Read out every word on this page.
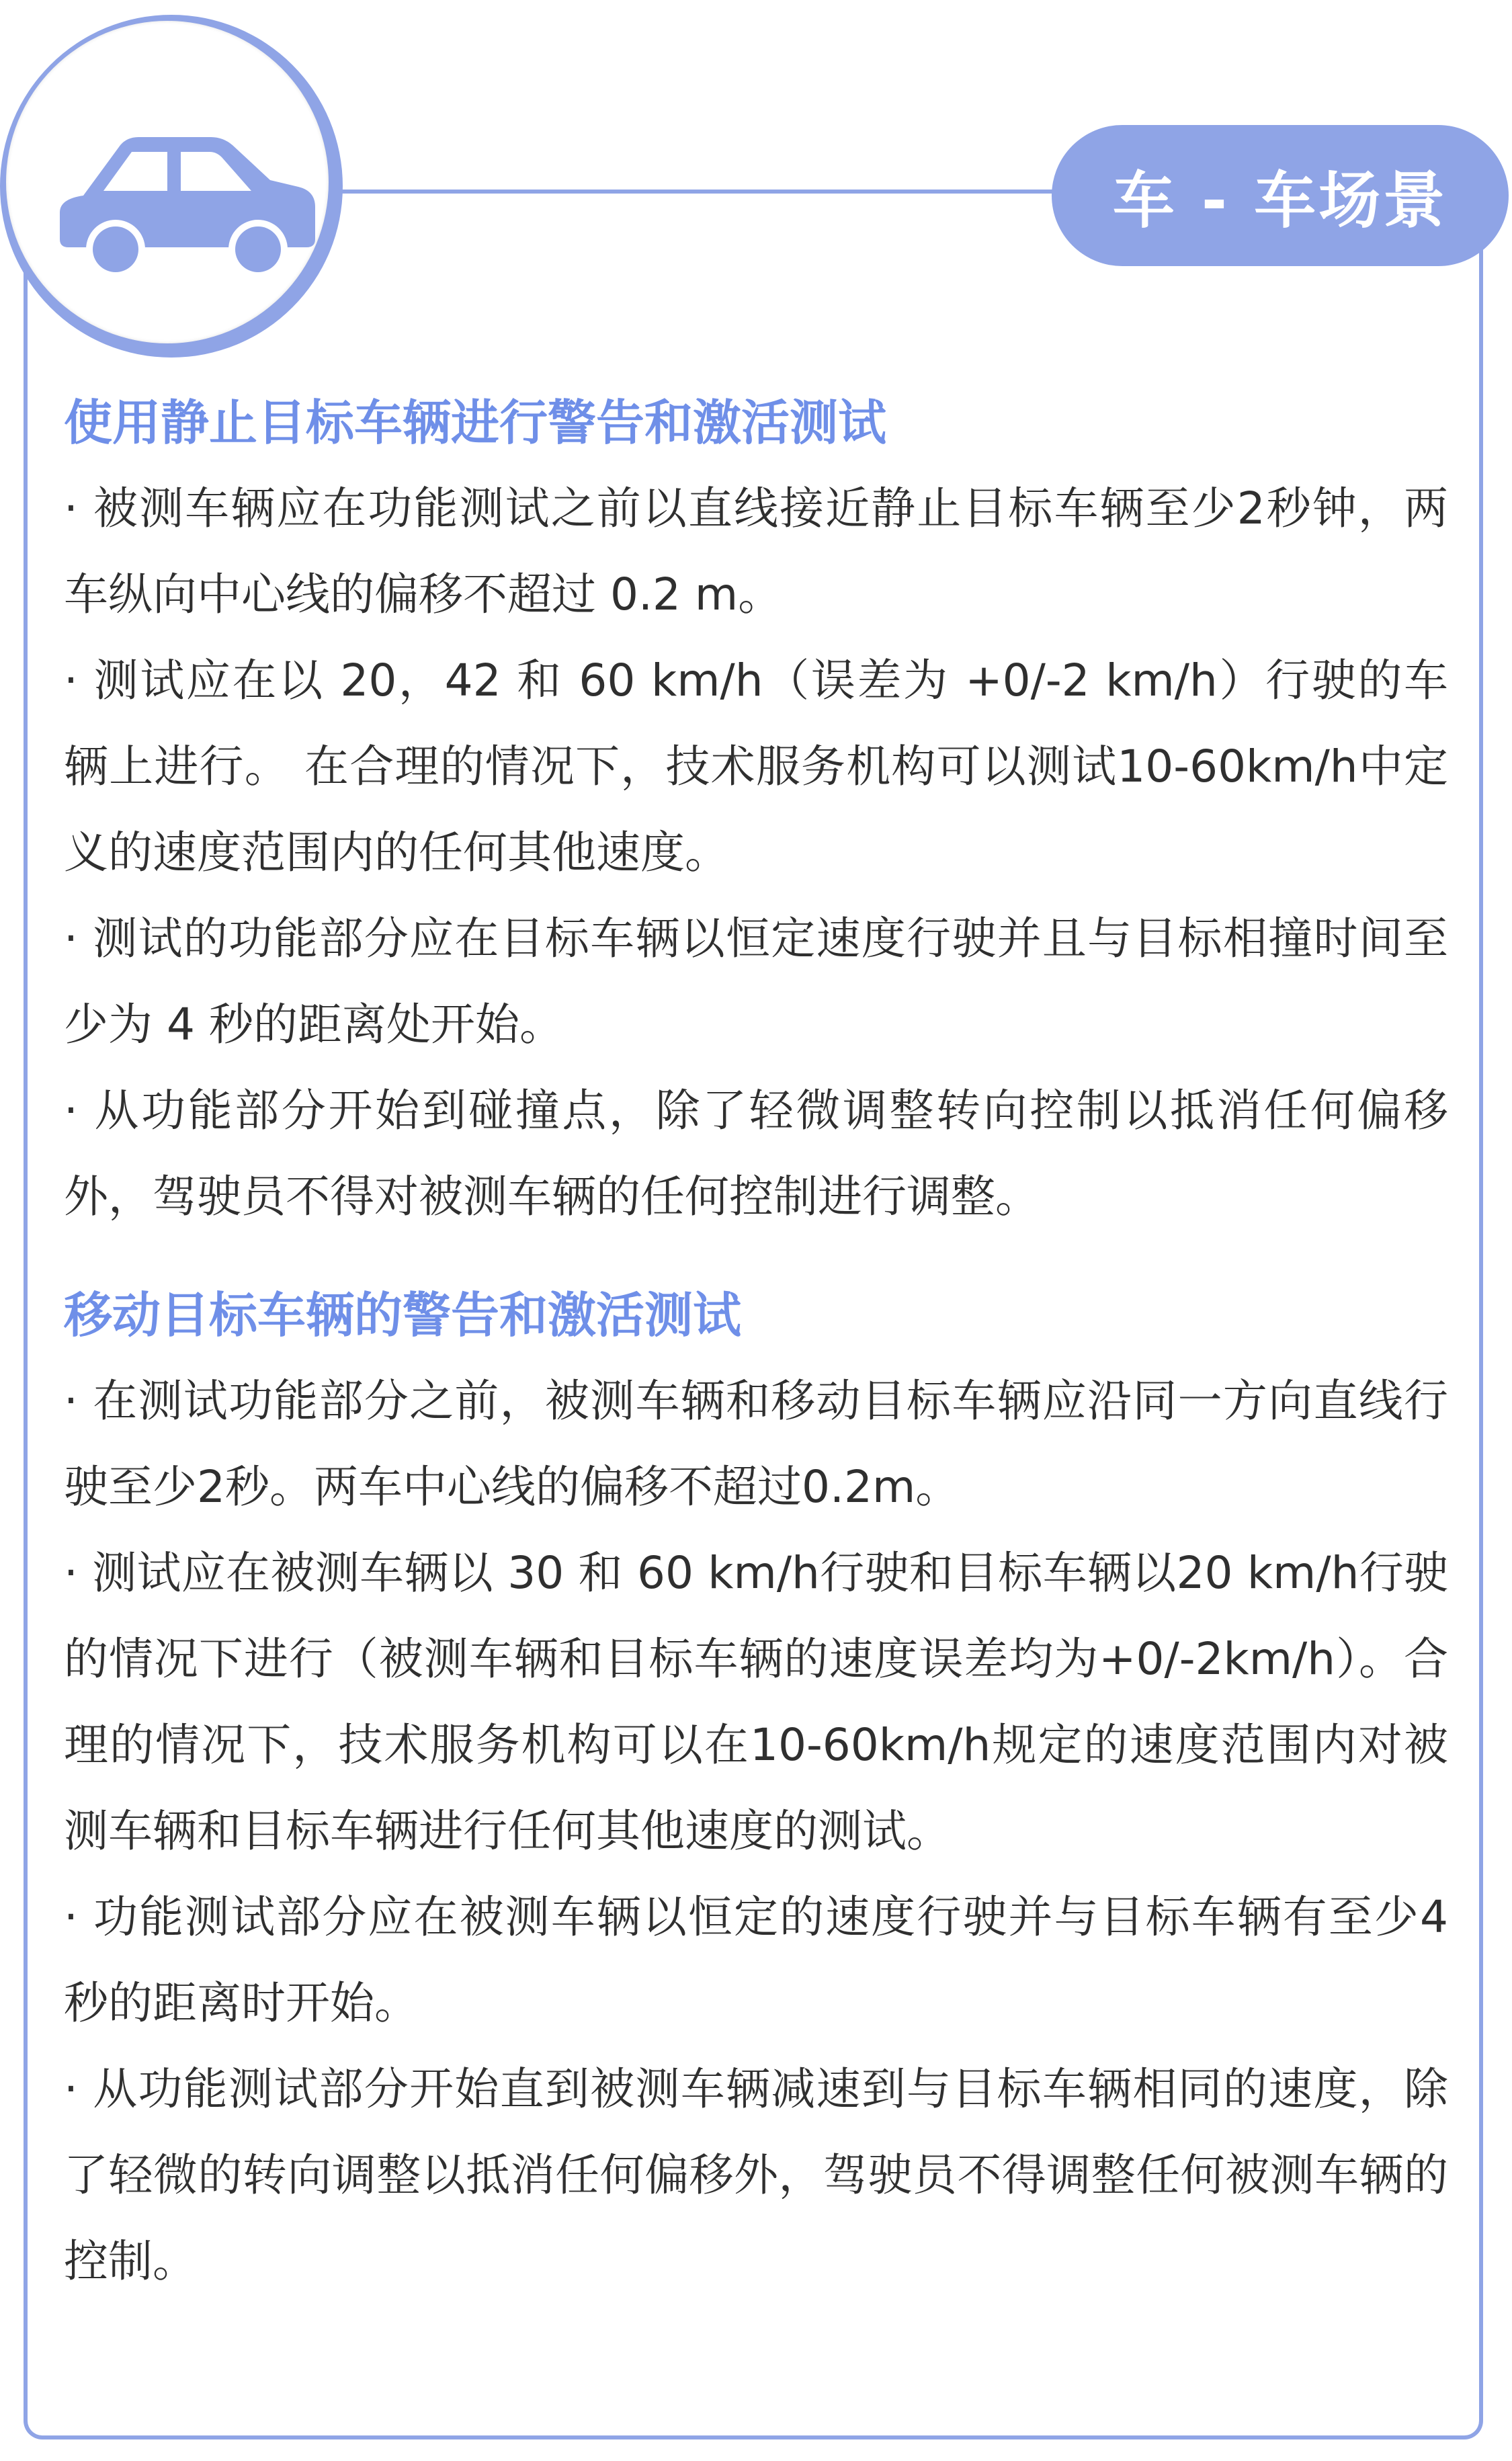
车 - 车场景
使用静止目标车辆进行警告和激活测试

· 被测车辆应在功能测试之前以直线接近静止目标车辆至少2秒钟，两车纵向中心线的偏移不超过 0.2 m。

· 测试应在以 20，42 和 60 km/h（误差为 +0/-2 km/h）行驶的车辆上进行。 在合理的情况下，技术服务机构可以测试10-60km/h中定义的速度范围内的任何其他速度。

· 测试的功能部分应在目标车辆以恒定速度行驶并且与目标相撞时间至少为 4 秒的距离处开始。

· 从功能部分开始到碰撞点，除了轻微调整转向控制以抵消任何偏移外，驾驶员不得对被测车辆的任何控制进行调整。

移动目标车辆的警告和激活测试

· 在测试功能部分之前，被测车辆和移动目标车辆应沿同一方向直线行驶至少2秒。两车中心线的偏移不超过0.2m。

· 测试应在被测车辆以 30 和 60 km/h行驶和目标车辆以20 km/h行驶的情况下进行（被测车辆和目标车辆的速度误差均为+0/-2km/h）。合理的情况下，技术服务机构可以在10-60km/h规定的速度范围内对被测车辆和目标车辆进行任何其他速度的测试。

· 功能测试部分应在被测车辆以恒定的速度行驶并与目标车辆有至少4秒的距离时开始。

· 从功能测试部分开始直到被测车辆减速到与目标车辆相同的速度，除了轻微的转向调整以抵消任何偏移外，驾驶员不得调整任何被测车辆的控制。
